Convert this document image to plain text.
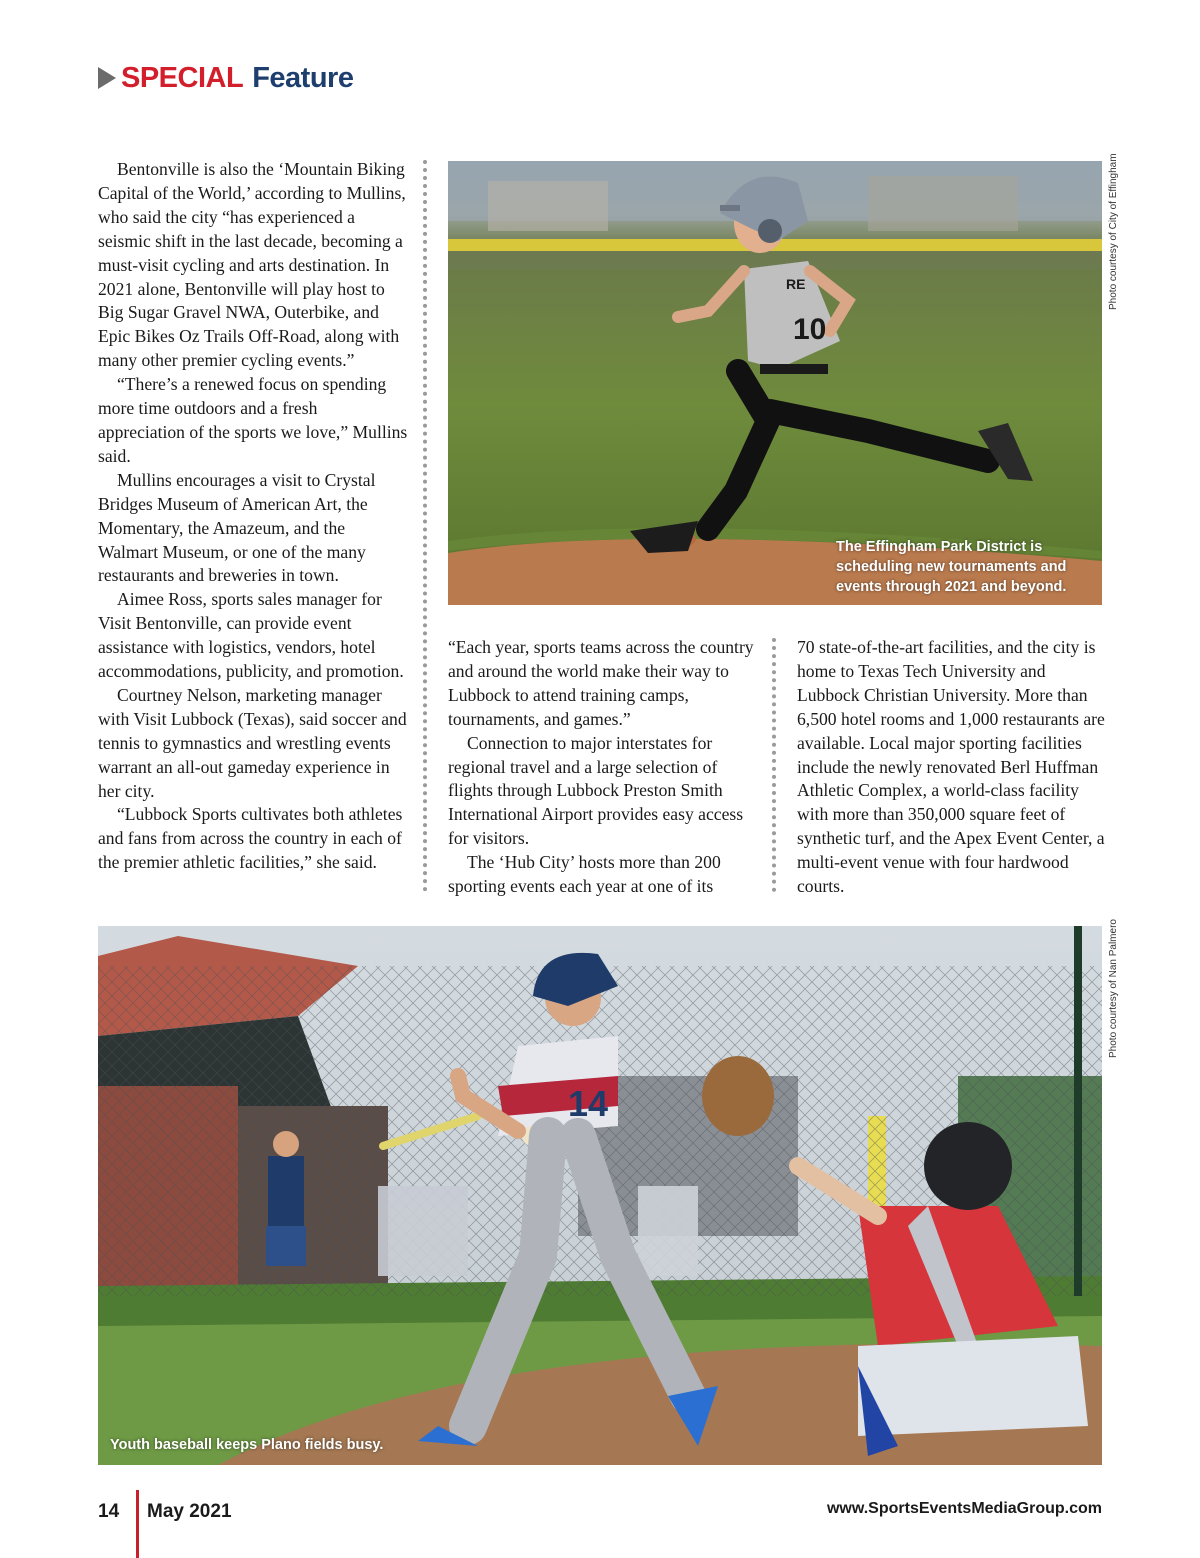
SPECIAL Feature

Bentonville is also the ‘Mountain Biking Capital of the World,’ according to Mullins, who said the city “has experienced a seismic shift in the last decade, becoming a must-visit cycling and arts destination. In 2021 alone, Bentonville will play host to Big Sugar Gravel NWA, Outerbike, and Epic Bikes Oz Trails Off-Road, along with many other premier cycling events.”

“There’s a renewed focus on spending more time outdoors and a fresh appreciation of the sports we love,” Mullins said.

Mullins encourages a visit to Crystal Bridges Museum of American Art, the Momentary, the Amazeum, and the Walmart Museum, or one of the many restaurants and breweries in town.

Aimee Ross, sports sales manager for Visit Bentonville, can provide event assistance with logistics, vendors, hotel accommodations, publicity, and promotion.

Courtney Nelson, marketing manager with Visit Lubbock (Texas), said soccer and tennis to gymnastics and wrestling events warrant an all-out gameday experience in her city.

“Lubbock Sports cultivates both athletes and fans from across the country in each of the premier athletic facilities,” she said.

RE
10
The Effingham Park District is scheduling new tournaments and events through 2021 and beyond.
Photo courtesy of City of Effingham

“Each year, sports teams across the country and around the world make their way to Lubbock to attend training camps, tournaments, and games.”

Connection to major interstates for regional travel and a large selection of flights through Lubbock Preston Smith International Airport provides easy access for visitors.

The ‘Hub City’ hosts more than 200 sporting events each year at one of its

70 state-of-the-art facilities, and the city is home to Texas Tech University and Lubbock Christian University. More than 6,500 hotel rooms and 1,000 restaurants are available. Local major sporting facilities include the newly renovated Berl Huffman Athletic Complex, a world-class facility with more than 350,000 square feet of synthetic turf, and the Apex Event Center, a multi-event venue with four hardwood courts.

14
Youth baseball keeps Plano fields busy.
Photo courtesy of Nan Palmero
14 May 2021	www.SportsEventsMediaGroup.com
